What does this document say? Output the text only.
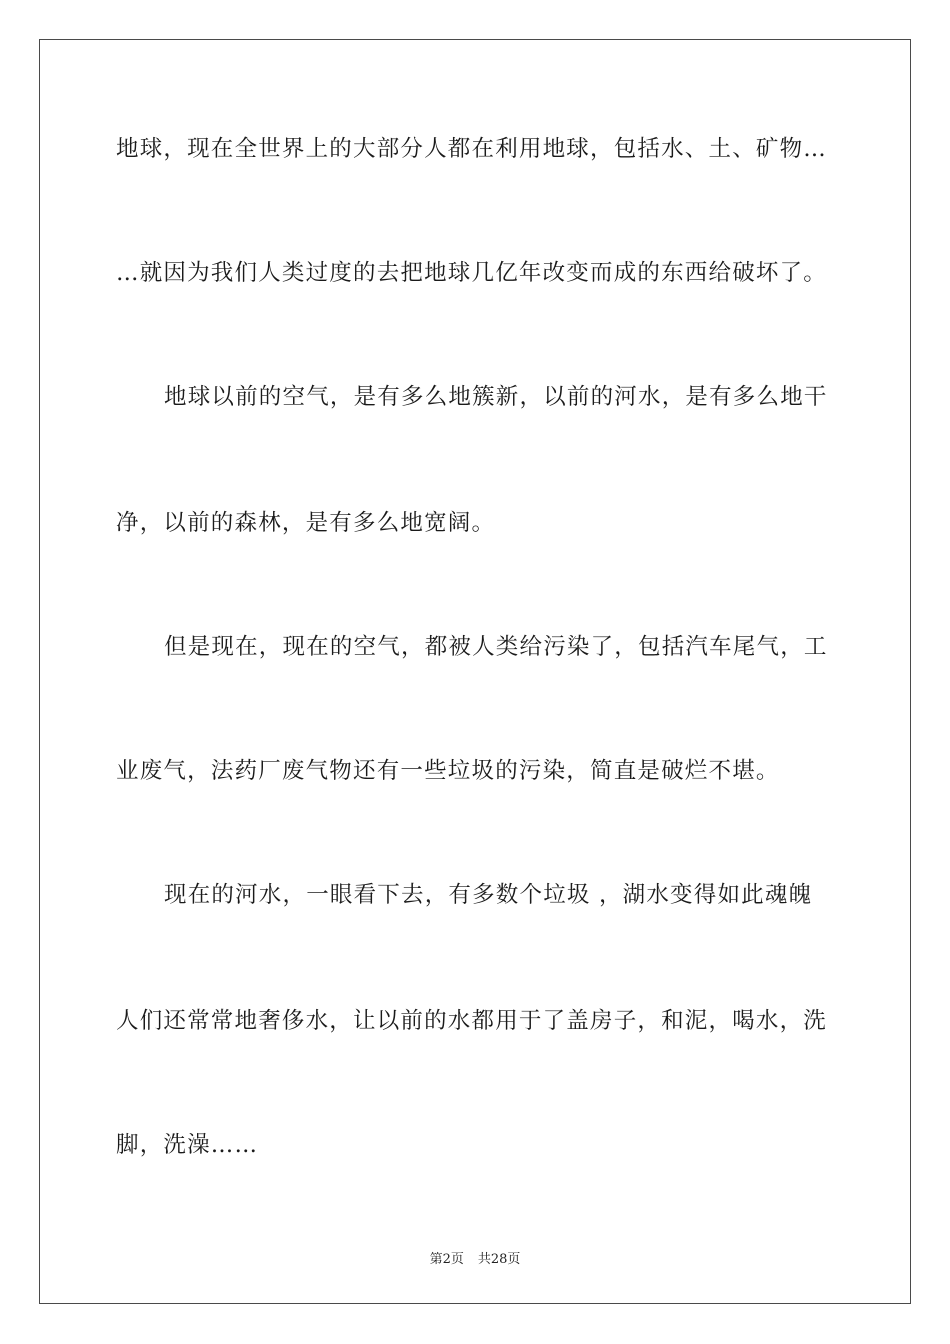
地球，现在全世界上的大部分人都在利用地球，包括水、土、矿物…
…就因为我们人类过度的去把地球几亿年改变而成的东西给破坏了。
地球以前的空气，是有多么地簇新，以前的河水，是有多么地干
净，以前的森林，是有多么地宽阔。
但是现在，现在的空气，都被人类给污染了，包括汽车尾气，工
业废气，法药厂废气物还有一些垃圾的污染，简直是破烂不堪。
现在的河水，一眼看下去，有多数个垃圾 ，湖水变得如此魂魄
人们还常常地奢侈水，让以前的水都用于了盖房子，和泥，喝水，洗
脚，洗澡……
第2页 共28页
